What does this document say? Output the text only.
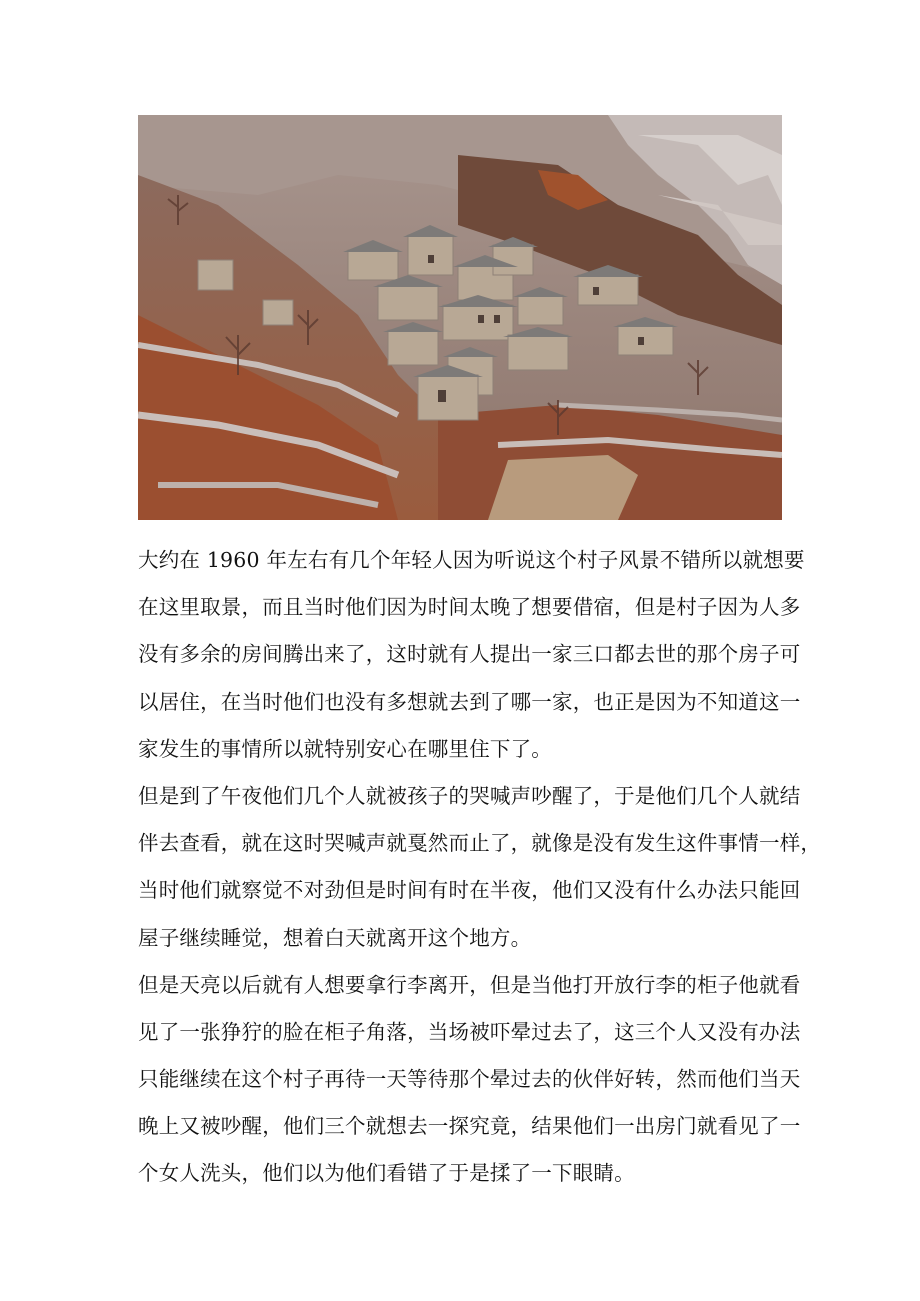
大约在 1960 年左右有几个年轻人因为听说这个村子风景不错所以就想要
在这里取景，而且当时他们因为时间太晚了想要借宿，但是村子因为人多
没有多余的房间腾出来了，这时就有人提出一家三口都去世的那个房子可
以居住，在当时他们也没有多想就去到了哪一家，也正是因为不知道这一
家发生的事情所以就特别安心在哪里住下了。
但是到了午夜他们几个人就被孩子的哭喊声吵醒了，于是他们几个人就结
伴去查看，就在这时哭喊声就戛然而止了，就像是没有发生这件事情一样，
当时他们就察觉不对劲但是时间有时在半夜，他们又没有什么办法只能回
屋子继续睡觉，想着白天就离开这个地方。
但是天亮以后就有人想要拿行李离开，但是当他打开放行李的柜子他就看
见了一张狰狞的脸在柜子角落，当场被吓晕过去了，这三个人又没有办法
只能继续在这个村子再待一天等待那个晕过去的伙伴好转，然而他们当天
晚上又被吵醒，他们三个就想去一探究竟，结果他们一出房门就看见了一
个女人洗头，他们以为他们看错了于是揉了一下眼睛。
